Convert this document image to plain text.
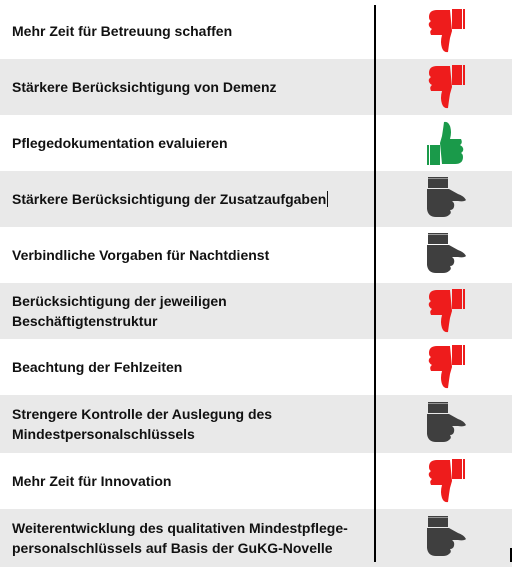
Mehr Zeit für Betreuung schaffen
Stärkere Berücksichtigung von Demenz
Pflegedokumentation evaluieren
Stärkere Berücksichtigung der Zusatzaufgaben
Verbindliche Vorgaben für Nachtdienst
Berücksichtigung der jeweiligen Beschäftigtenstruktur
Beachtung der Fehlzeiten
Strengere Kontrolle der Auslegung des
Mindestpersonalschlüssels
Mehr Zeit für Innovation
Weiterentwicklung des qualitativen Mindestpflege-
personalschlüssels auf Basis der GuKG-Novelle
